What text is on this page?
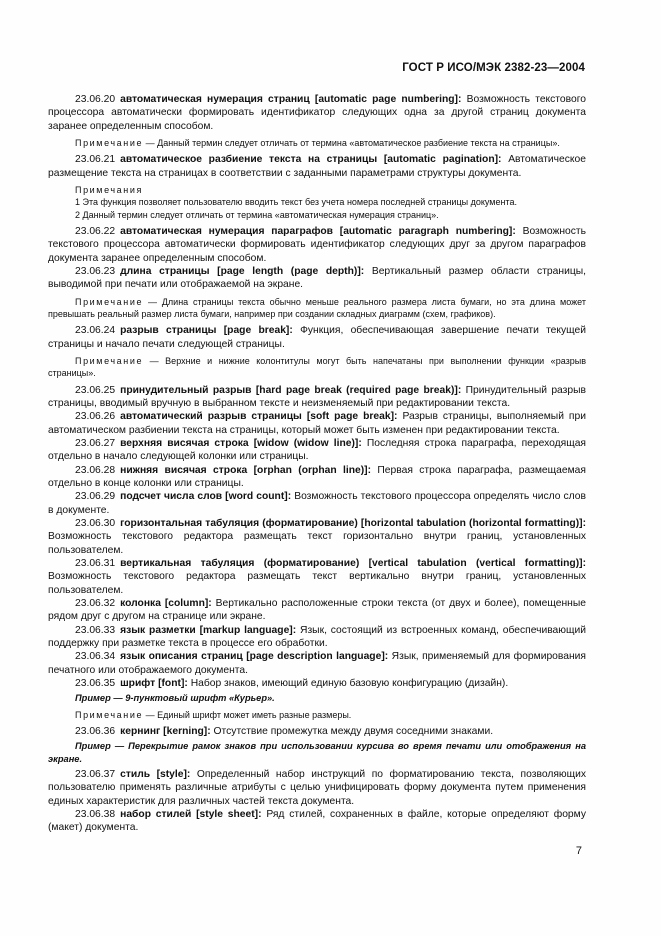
ГОСТ Р ИСО/МЭК 2382-23—2004

23.06.20 автоматическая нумерация страниц [automatic page numbering]: Возможность текстового процессора автоматически формировать идентификатор следующих одна за другой страниц документа заранее определенным способом.

Примечание — Данный термин следует отличать от термина «автоматическое разбиение текста на страницы».

23.06.21 автоматическое разбиение текста на страницы [automatic pagination]: Автоматическое размещение текста на страницах в соответствии с заданными параметрами структуры документа.

Примечания

1 Эта функция позволяет пользователю вводить текст без учета номера последней страницы документа.

2 Данный термин следует отличать от термина «автоматическая нумерация страниц».

23.06.22 автоматическая нумерация параграфов [automatic paragraph numbering]: Возможность текстового процессора автоматически формировать идентификатор следующих друг за другом параграфов документа заранее определенным способом.

23.06.23 длина страницы [page length (page depth)]: Вертикальный размер области страницы, выводимой при печати или отображаемой на экране.

Примечание — Длина страницы текста обычно меньше реального размера листа бумаги, но эта длина может превышать реальный размер листа бумаги, например при создании складных диаграмм (схем, графиков).

23.06.24 разрыв страницы [page break]: Функция, обеспечивающая завершение печати текущей страницы и начало печати следующей страницы.

Примечание — Верхние и нижние колонтитулы могут быть напечатаны при выполнении функции «разрыв страницы».

23.06.25 принудительный разрыв [hard page break (required page break)]: Принудительный разрыв страницы, вводимый вручную в выбранном тексте и неизменяемый при редактировании текста.

23.06.26 автоматический разрыв страницы [soft page break]: Разрыв страницы, выполняемый при автоматическом разбиении текста на страницы, который может быть изменен при редактировании текста.

23.06.27 верхняя висячая строка [widow (widow line)]: Последняя строка параграфа, переходящая отдельно в начало следующей колонки или страницы.

23.06.28 нижняя висячая строка [orphan (orphan line)]: Первая строка параграфа, размещаемая отдельно в конце колонки или страницы.

23.06.29 подсчет числа слов [word count]: Возможность текстового процессора определять число слов в документе.

23.06.30 горизонтальная табуляция (форматирование) [horizontal tabulation (horizontal formatting)]: Возможность текстового редактора размещать текст горизонтально внутри границ, установленных пользователем.

23.06.31 вертикальная табуляция (форматирование) [vertical tabulation (vertical formatting)]: Возможность текстового редактора размещать текст вертикально внутри границ, установленных пользователем.

23.06.32 колонка [column]: Вертикально расположенные строки текста (от двух и более), помещенные рядом друг с другом на странице или экране.

23.06.33 язык разметки [markup language]: Язык, состоящий из встроенных команд, обеспечивающий поддержку при разметке текста в процессе его обработки.

23.06.34 язык описания страниц [page description language]: Язык, применяемый для формирования печатного или отображаемого документа.

23.06.35 шрифт [font]: Набор знаков, имеющий единую базовую конфигурацию (дизайн).

Пример — 9-пунктовый шрифт «Курьер».

Примечание — Единый шрифт может иметь разные размеры.

23.06.36 кернинг [kerning]: Отсутствие промежутка между двумя соседними знаками.

Пример — Перекрытие рамок знаков при использовании курсива во время печати или отображения на экране.

23.06.37 стиль [style]: Определенный набор инструкций по форматированию текста, позволяющих пользователю применять различные атрибуты с целью унифицировать форму документа путем применения единых характеристик для различных частей текста документа.

23.06.38 набор стилей [style sheet]: Ряд стилей, сохраненных в файле, которые определяют форму (макет) документа.

7
